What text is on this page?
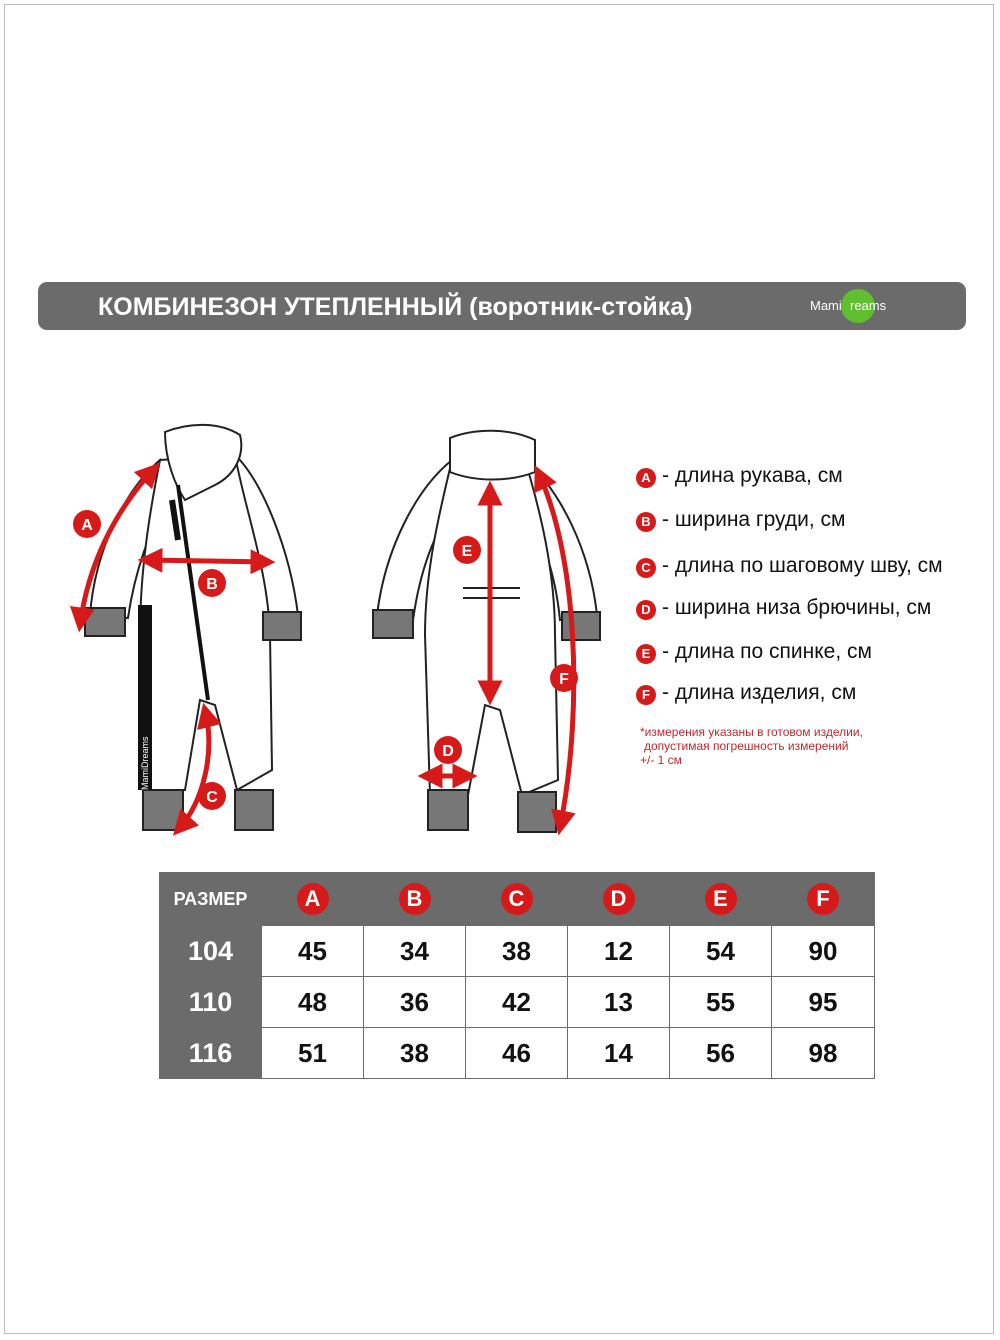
КОМБИНЕЗОН УТЕПЛЕННЫЙ (воротник-стойка)	Mami reams
MamiDreams
A
B
C
D
E
F
A - длина рукава, см
B - ширина груди, см
C - длина по шаговому шву, см
D - ширина низа брючины, см
E - длина по спинке, см
F - длина изделия, см
*измерения указаны в готовом изделии,
допустимая погрешность измерений
+/- 1 см
РАЗМЕР	A	B	C	D	E	F
104	45	34	38	12	54	90
110	48	36	42	13	55	95
116	51	38	46	14	56	98
